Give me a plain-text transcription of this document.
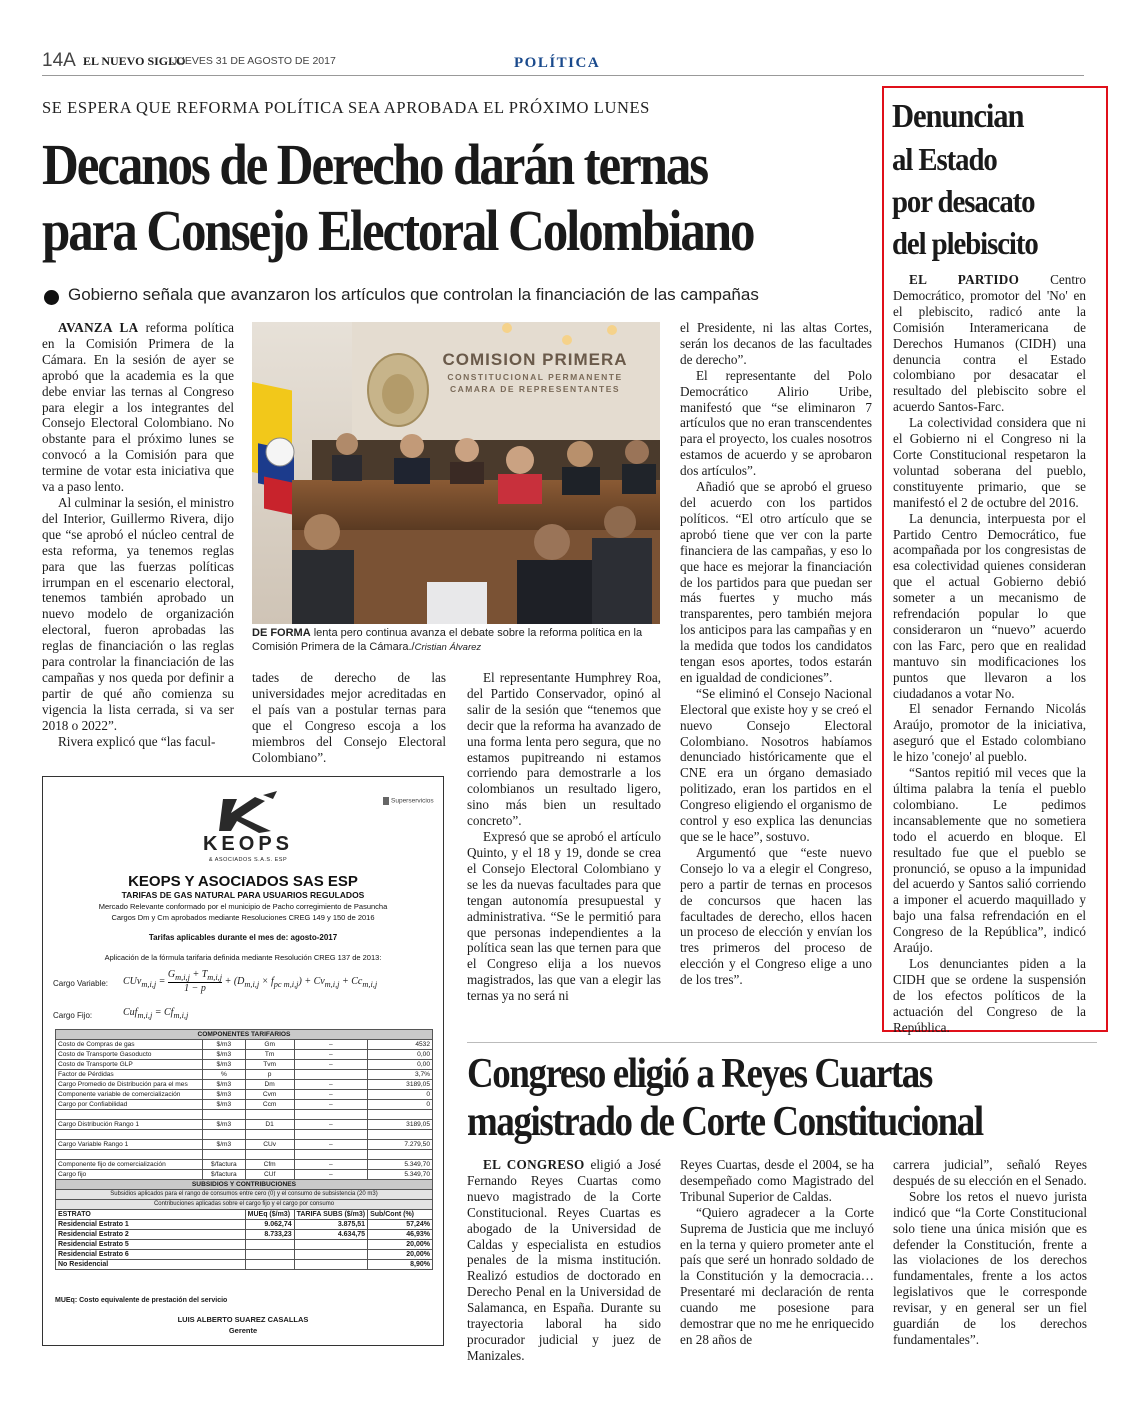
14A EL NUEVO SIGLO
JUEVES 31 DE AGOSTO DE 2017	POLÍTICA
SE ESPERA QUE REFORMA POLÍTICA SEA APROBADA EL PRÓXIMO LUNES
Decanos de Derecho darán ternas
para Consejo Electoral Colombiano
Gobierno señala que avanzaron los artículos que controlan la financiación de las campañas

AVANZA LA reforma política en la Comisión Primera de la Cámara. En la sesión de ayer se aprobó que la academia es la que debe enviar las ternas al Congreso para elegir a los integrantes del Consejo Electoral Colombiano. No obstante para el próximo lunes se convocó a la Comisión para que termine de votar esta iniciativa que va a paso lento.

Al culminar la sesión, el ministro del Interior, Guillermo Rivera, dijo que “se aprobó el núcleo central de esta reforma, ya tenemos reglas para que las fuerzas políticas irrumpan en el escenario electoral, tenemos también aprobado un nuevo modelo de organización electoral, fueron aprobadas las reglas de financiación o las reglas para controlar la financiación de las campañas y nos queda por definir a partir de qué año comienza su vigencia la lista cerrada, si va ser 2018 o 2022”.

Rivera explicó que “las facul-

COMISION PRIMERA
CONSTITUCIONAL PERMANENTE
CAMARA DE REPRESENTANTES
DE FORMA lenta pero continua avanza el debate sobre la reforma política en la Comisión Primera de la Cámara./Cristian Álvarez

tades de derecho de las universidades mejor acreditadas en el país van a postular ternas para que el Congreso escoja a los miembros del Consejo Electoral Colombiano”.

El representante Humphrey Roa, del Partido Conservador, opinó al salir de la sesión que “tenemos que decir que la reforma ha avanzado de una forma lenta pero segura, que no estamos pupitreando ni estamos corriendo para demostrarle a los colombianos un resultado ligero, sino más bien un resultado concreto”.

Expresó que se aprobó el artículo Quinto, y el 18 y 19, donde se crea el Consejo Electoral Colombiano y se les da nuevas facultades para que tengan autonomía presupuestal y administrativa. “Se le permitió para que personas independientes a la política sean las que ternen para que el Congreso elija a los nuevos magistrados, las que van a elegir las ternas ya no será ni

el Presidente, ni las altas Cortes, serán los decanos de las facultades de derecho”.

El representante del Polo Democrático Alirio Uribe, manifestó que “se eliminaron 7 artículos que no eran transcendentes para el proyecto, los cuales nosotros estamos de acuerdo y se aprobaron dos artículos”.

Añadió que se aprobó el grueso del acuerdo con los partidos políticos. “El otro artículo que se aprobó tiene que ver con la parte financiera de las campañas, y eso lo que hace es mejorar la financiación de los partidos para que puedan ser más fuertes y mucho más transparentes, pero también mejora los anticipos para las campañas y en la medida que todos los candidatos tengan esos aportes, todos estarán en igualdad de condiciones”.

“Se eliminó el Consejo Nacional Electoral que existe hoy y se creó el nuevo Consejo Electoral Colombiano. Nosotros habíamos denunciado históricamente que el CNE era un órgano demasiado politizado, eran los partidos en el Congreso eligiendo el organismo de control y eso explica las denuncias que se le hace”, sostuvo.

Argumentó que “este nuevo Consejo lo va a elegir el Congreso, pero a partir de ternas en procesos de concursos que hacen las facultades de derecho, ellos hacen un proceso de elección y envían los tres primeros del proceso de elección y el Congreso elige a uno de los tres”.

Denuncian
al Estado
por desacato
del plebiscito

EL PARTIDO Centro Democrático, promotor del 'No' en el plebiscito, radicó ante la Comisión Interamericana de Derechos Humanos (CIDH) una denuncia contra el Estado colombiano por desacatar el resultado del plebiscito sobre el acuerdo Santos-Farc.

La colectividad considera que ni el Gobierno ni el Congreso ni la Corte Constitucional respetaron la voluntad soberana del pueblo, constituyente primario, que se manifestó el 2 de octubre del 2016.

La denuncia, interpuesta por el Partido Centro Democrático, fue acompañada por los congresistas de esa colectividad quienes consideran que el actual Gobierno debió someter a un mecanismo de refrendación popular lo que consideraron un “nuevo” acuerdo con las Farc, pero que en realidad mantuvo sin modificaciones los puntos que llevaron a los ciudadanos a votar No.

El senador Fernando Nicolás Araújo, promotor de la iniciativa, aseguró que el Estado colombiano le hizo 'conejo' al pueblo.

“Santos repitió mil veces que la última palabra la tenía el pueblo colombiano. Le pedimos incansablemente que no sometiera todo el acuerdo en bloque. El resultado fue que el pueblo se pronunció, se opuso a la impunidad del acuerdo y Santos salió corriendo a imponer el acuerdo maquillado y bajo una falsa refrendación en el Congreso de la República”, indicó Araújo.

Los denunciantes piden a la CIDH que se ordene la suspensión de los efectos políticos de la actuación del Congreso de la República.

KEOPS
& ASOCIADOS S.A.S. ESP
Superservicios
KEOPS Y ASOCIADOS SAS ESP
TARIFAS DE GAS NATURAL PARA USUARIOS REGULADOS
Mercado Relevante conformado por el municipio de Pacho corregimiento de Pasuncha
Cargos Dm y Cm aprobados mediante Resoluciones CREG 149 y 150 de 2016
Tarifas aplicables durante el mes de: agosto-2017
Aplicación de la fórmula tarifaria definida mediante Resolución CREG 137 de 2013:
Cargo Variable: $CUv_{m,i,j} = \frac{G_{m,i,j} + T_{m,i,j}}{1 - p} + (D_{m,i,j} \times f_{pc m,i,j}) + Cv_{m,i,j} + Cc_{m,i,j}$
Cargo Fijo:	$Cuf_{m,i,j} = Cf_{m,i,j}$
COMPONENTES TARIFARIOS				
Costo de Compras de gas	$/m3	Gm	–	4532
Costo de Transporte Gasoducto	$/m3	Tm	–	0,00
Costo de Transporte GLP	$/m3	Tvm	–	0,00
Factor de Pérdidas	%	p		3,7%
Cargo Promedio de Distribución para el mes	$/m3	Dm	–	3189,05
Componente variable de comercialización	$/m3	Cvm	–	0
Cargo por Confiabilidad	$/m3	Ccm	–	0

Cargo Distribución Rango 1	$/m3	D1	–	3189,05

Cargo Variable Rango 1	$/m3	CUv	–	7.279,50

Componente fijo de comercialización	$/factura	Cfm	–	5.349,70
Cargo fijo	$/factura	CUf	–	5.349,70
SUBSIDIOS Y CONTRIBUCIONES				
Subsidios aplicados para el rango de consumos entre cero (0) y el consumo de subsistencia (20 m3)				
Contribuciones aplicadas sobre el cargo fijo y el cargo por consumo				
ESTRATO		MUEq ($/m3)	TARIFA SUBS ($/m3)	Sub/Cont (%)
Residencial Estrato 1		9.062,74	3.875,51	57,24%
Residencial Estrato 2		8.733,23	4.634,75	46,93%
Residencial Estrato 5				20,00%
Residencial Estrato 6				20,00%
No Residencial				8,90%
MUEq: Costo equivalente de prestación del servicio
LUIS ALBERTO SUAREZ CASALLAS
Gerente
Congreso eligió a Reyes Cuartas
magistrado de Corte Constitucional

EL CONGRESO eligió a José Fernando Reyes Cuartas como nuevo magistrado de la Corte Constitucional. Reyes Cuartas es abogado de la Universidad de Caldas y especialista en estudios penales de la misma institución. Realizó estudios de doctorado en Derecho Penal en la Universidad de Salamanca, en España. Durante su trayectoria laboral ha sido procurador judicial y juez de Manizales.

Reyes Cuartas, desde el 2004, se ha desempeñado como Magistrado del Tribunal Superior de Caldas.

“Quiero agradecer a la Corte Suprema de Justicia que me incluyó en la terna y quiero prometer ante el país que seré un honrado soldado de la Constitución y la democracia… Presentaré mi declaración de renta cuando me posesione para demostrar que no me he enriquecido en 28 años de

carrera judicial”, señaló Reyes después de su elección en el Senado.

Sobre los retos el nuevo jurista indicó que “la Corte Constitucional solo tiene una única misión que es defender la Constitución, frente a las violaciones de los derechos fundamentales, frente a los actos legislativos que le corresponde revisar, y en general ser un fiel guardián de los derechos fundamentales”.
